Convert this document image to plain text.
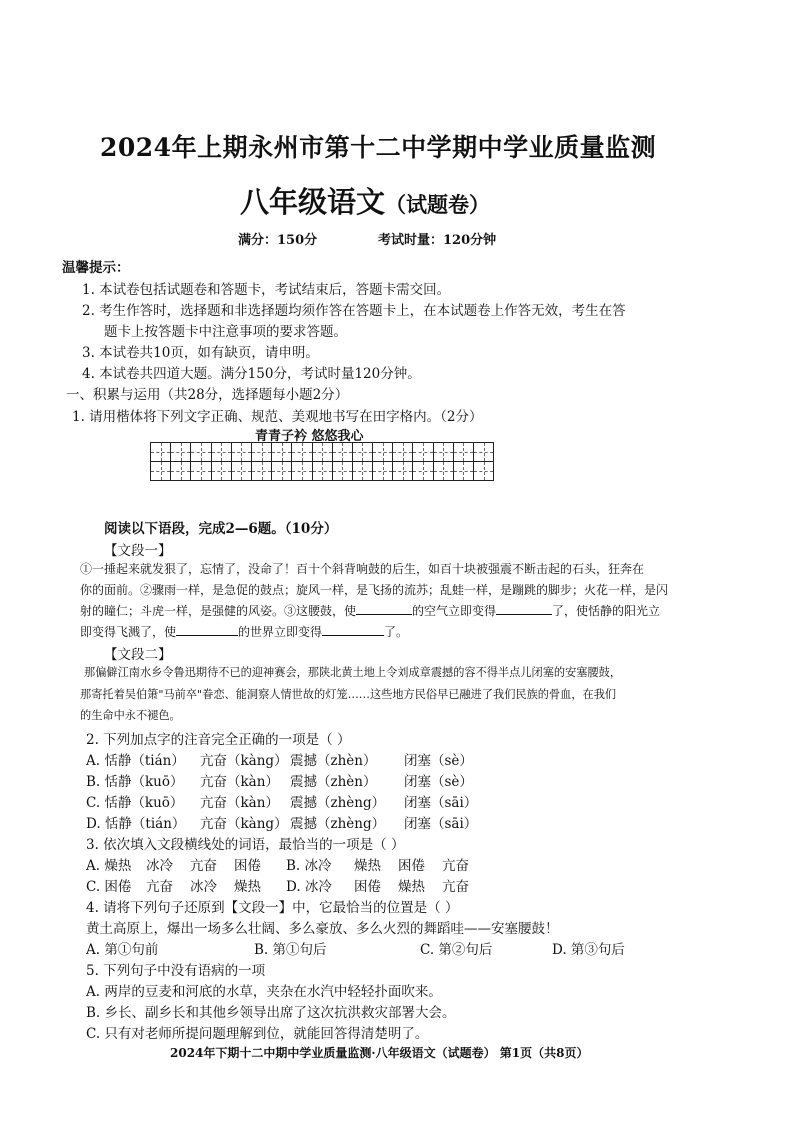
2024年上期永州市第十二中学期中学业质量监测
八年级语文（试题卷）
满分：150分	考试时量：120分钟
温馨提示：
1. 本试卷包括试题卷和答题卡，考试结束后，答题卡需交回。
2. 考生作答时，选择题和非选择题均须作答在答题卡上，在本试题卷上作答无效，考生在答
题卡上按答题卡中注意事项的要求答题。
3. 本试卷共10页，如有缺页，请申明。
4. 本试卷共四道大题。满分150分，考试时量120分钟。
一、积累与运用（共28分，选择题每小题2分）
1. 请用楷体将下列文字正确、规范、美观地书写在田字格内。（2分）
青青子衿 悠悠我心

阅读以下语段，完成2—6题。（10分）
【文段一】
①一捶起来就发狠了，忘情了，没命了！百十个斜背响鼓的后生，如百十块被强震不断击起的石头，狂奔在
你的面前。②骤雨一样，是急促的鼓点；旋风一样，是飞扬的流苏；乱蛙一样，是蹦跳的脚步；火花一样，是闪
射的瞳仁；斗虎一样，是强健的风姿。③这腰鼓，使	的空气立即变得	了，使恬静的阳光立
即变得飞溅了，使	的世界立即变得	了。
【文段二】
那偏僻江南水乡令鲁迅期待不已的迎神赛会，那陕北黄土地上令刘成章震撼的容不得半点儿闭塞的安塞腰鼓，
那寄托着吴伯箫"马前卒"眷恋、能洞察人情世故的灯笼……这些地方民俗早已融进了我们民族的骨血，在我们
的生命中永不褪色。
2. 下列加点字的注音完全正确的一项是（ ）
A. 恬静（tián） 亢奋（kàng） 震撼（zhèn） 闭塞（sè）
B. 恬静（kuō） 亢奋（kàn） 震撼（zhèn） 闭塞（sè）
C. 恬静（kuō） 亢奋（kàn） 震撼（zhèng） 闭塞（sāi）
D. 恬静（tián） 亢奋（kàng） 震撼（zhèng） 闭塞（sāi）
3. 依次填入文段横线处的词语，最恰当的一项是（ ）
A. 燥热 冰冷 亢奋 困倦 B. 冰冷 燥热 困倦 亢奋
C. 困倦 亢奋 冰冷 燥热 D. 冰冷 困倦 燥热 亢奋
4. 请将下列句子还原到【文段一】中，它最恰当的位置是（ ）
黄土高原上，爆出一场多么壮阔、多么豪放、多么火烈的舞蹈哇——安塞腰鼓！
A. 第①句前	B. 第①句后	C. 第②句后	D. 第③句后
5. 下列句子中没有语病的一项
A. 两岸的豆麦和河底的水草，夹杂在水汽中轻轻扑面吹来。
B. 乡长、副乡长和其他乡领导出席了这次抗洪救灾部署大会。
C. 只有对老师所提问题理解到位，就能回答得清楚明了。
2024年下期十二中期中学业质量监测·八年级语文（试题卷） 第1页（共8页）
